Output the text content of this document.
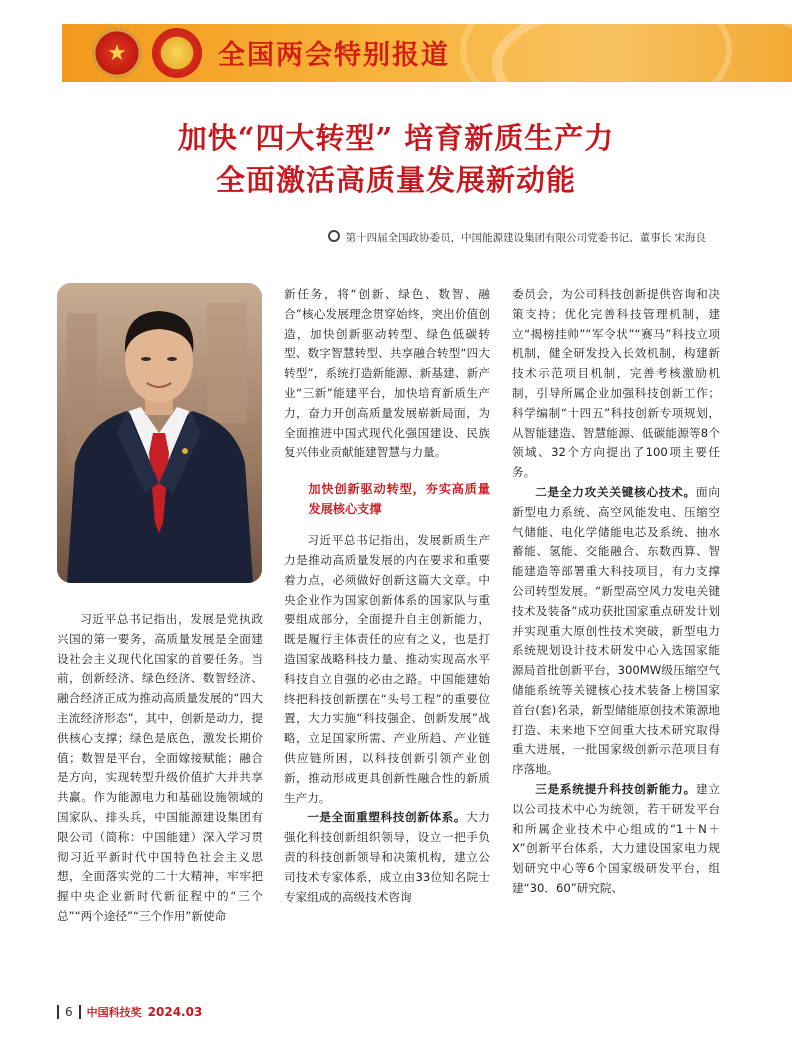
★	✦	全国两会特别报道
加快“四大转型” 培育新质生产力
全面激活高质量发展新动能
第十四届全国政协委员，中国能源建设集团有限公司党委书记、董事长 宋海良

习近平总书记指出，发展是党执政兴国的第一要务，高质量发展是全面建设社会主义现代化国家的首要任务。当前，创新经济、绿色经济、数智经济、融合经济正成为推动高质量发展的“四大主流经济形态”，其中，创新是动力，提供核心支撑；绿色是底色，激发长期价值；数智是平台，全面嫁接赋能；融合是方向，实现转型升级价值扩大并共享共赢。作为能源电力和基础设施领域的国家队、排头兵，中国能源建设集团有限公司（简称：中国能建）深入学习贯彻习近平新时代中国特色社会主义思想，全面落实党的二十大精神，牢牢把握中央企业新时代新征程中的“三个总”“两个途径”“三个作用”新使命

新任务，将“创新、绿色、数智、融合”核心发展理念贯穿始终，突出价值创造，加快创新驱动转型、绿色低碳转型、数字智慧转型、共享融合转型“四大转型”，系统打造新能源、新基建、新产业“三新”能建平台，加快培育新质生产力，奋力开创高质量发展崭新局面，为全面推进中国式现代化强国建设、民族复兴伟业贡献能建智慧与力量。

加快创新驱动转型，夯实高质量发展核心支撑

习近平总书记指出，发展新质生产力是推动高质量发展的内在要求和重要着力点，必须做好创新这篇大文章。中央企业作为国家创新体系的国家队与重要组成部分，全面提升自主创新能力，既是履行主体责任的应有之义，也是打造国家战略科技力量、推动实现高水平科技自立自强的必由之路。中国能建始终把科技创新摆在“头号工程”的重要位置，大力实施“科技强企、创新发展”战略，立足国家所需、产业所趋、产业链供应链所困，以科技创新引领产业创新，推动形成更具创新性融合性的新质生产力。

一是全面重塑科技创新体系。大力强化科技创新组织领导，设立一把手负责的科技创新领导和决策机构，建立公司技术专家体系，成立由33位知名院士专家组成的高级技术咨询

委员会，为公司科技创新提供咨询和决策支持；优化完善科技管理机制，建立“揭榜挂帅”“军令状”“赛马”科技立项机制，健全研发投入长效机制，构建新技术示范项目机制，完善考核激励机制，引导所属企业加强科技创新工作；科学编制“十四五”科技创新专项规划，从智能建造、智慧能源、低碳能源等8个领域、32个方向提出了100项主要任务。

二是全力攻关关键核心技术。面向新型电力系统、高空风能发电、压缩空气储能、电化学储能电芯及系统、抽水蓄能、氢能、交能融合、东数西算、智能建造等部署重大科技项目，有力支撑公司转型发展。“新型高空风力发电关键技术及装备”成功获批国家重点研发计划并实现重大原创性技术突破，新型电力系统规划设计技术研发中心入选国家能源局首批创新平台，300MW级压缩空气储能系统等关键核心技术装备上榜国家首台(套)名录，新型储能原创技术策源地打造、未来地下空间重大技术研究取得重大进展，一批国家级创新示范项目有序落地。

三是系统提升科技创新能力。建立以公司技术中心为统领，若干研发平台和所属企业技术中心组成的“1＋N＋X”创新平台体系，大力建设国家电力规划研究中心等6个国家级研发平台，组建“30．60”研究院、

6 中国科技奖 2024.03
